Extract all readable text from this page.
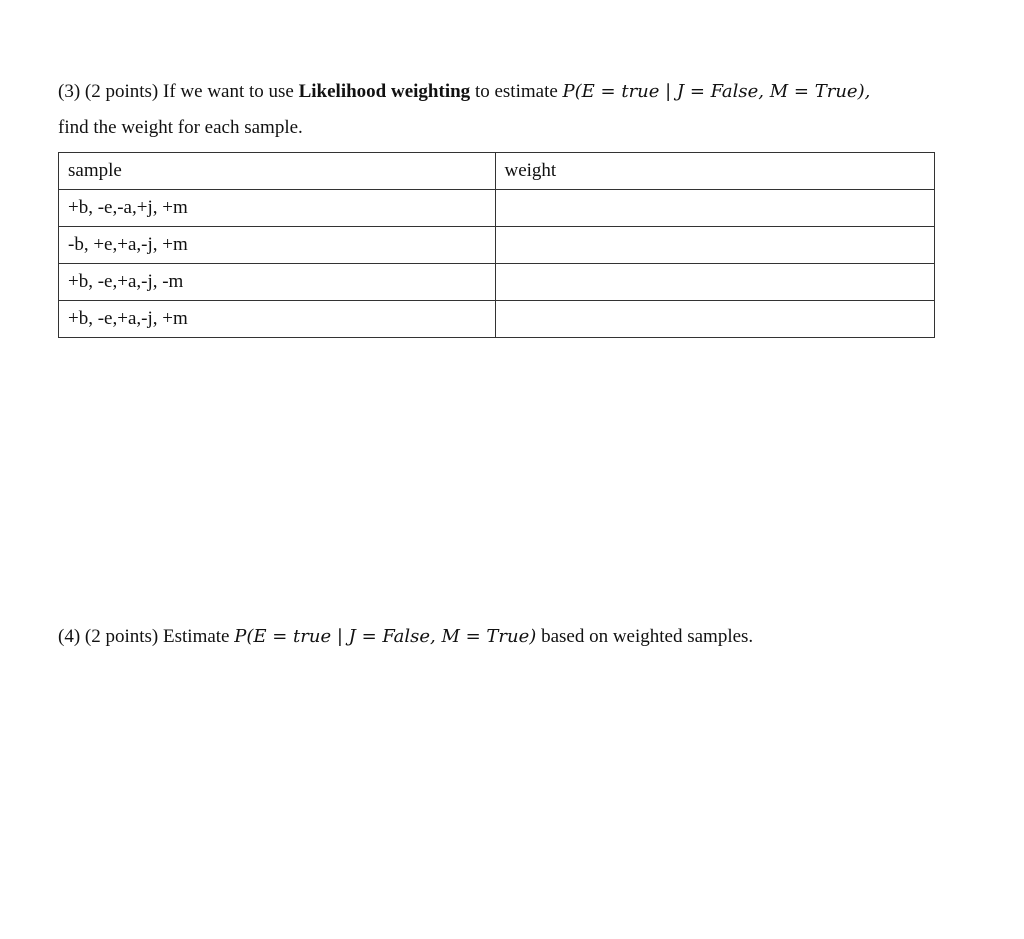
(3) (2 points) If we want to use Likelihood weighting to estimate P(E = true | J = False, M = True),
find the weight for each sample.
sample	weight
+b, -e,-a,+j, +m	
-b, +e,+a,-j, +m	
+b, -e,+a,-j, -m	
+b, -e,+a,-j, +m	
(4) (2 points) Estimate P(E = true | J = False, M = True) based on weighted samples.
